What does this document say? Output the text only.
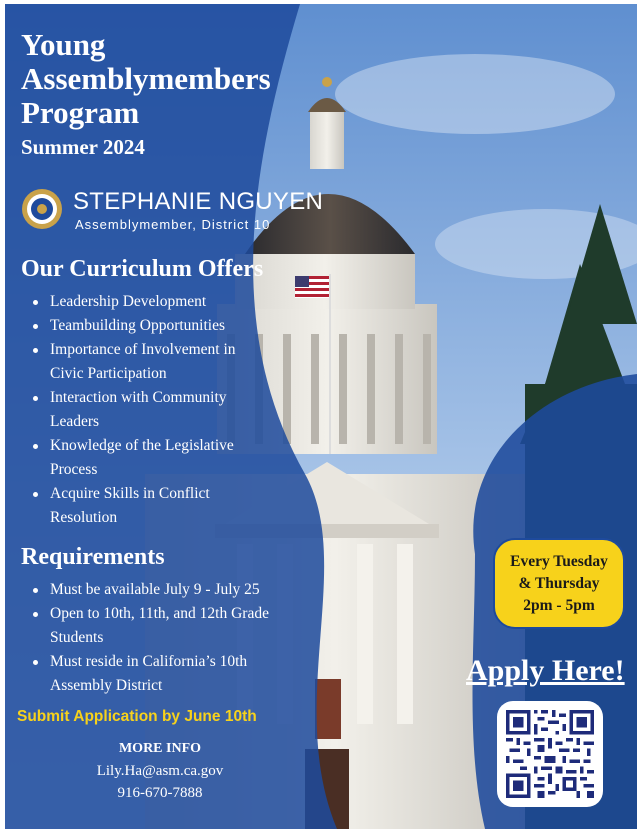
Young
Assemblymembers
Program
Summer 2024
STEPHANIE NGUYEN
Assemblymember, District 10
Our Curriculum Offers
Leadership Development
Teambuilding Opportunities
Importance of Involvement in
Civic Participation
Interaction with Community
Leaders
Knowledge of the Legislative
Process
Acquire Skills in Conflict
Resolution
Requirements
Must be available July 9 - July 25
Open to 10th, 11th, and 12th Grade
Students
Must reside in California’s 10th
Assembly District
Submit Application by June 10th
MORE INFO
Lily.Ha@asm.ca.gov
916-670-7888
Every Tuesday
& Thursday
2pm - 5pm
Apply Here!
